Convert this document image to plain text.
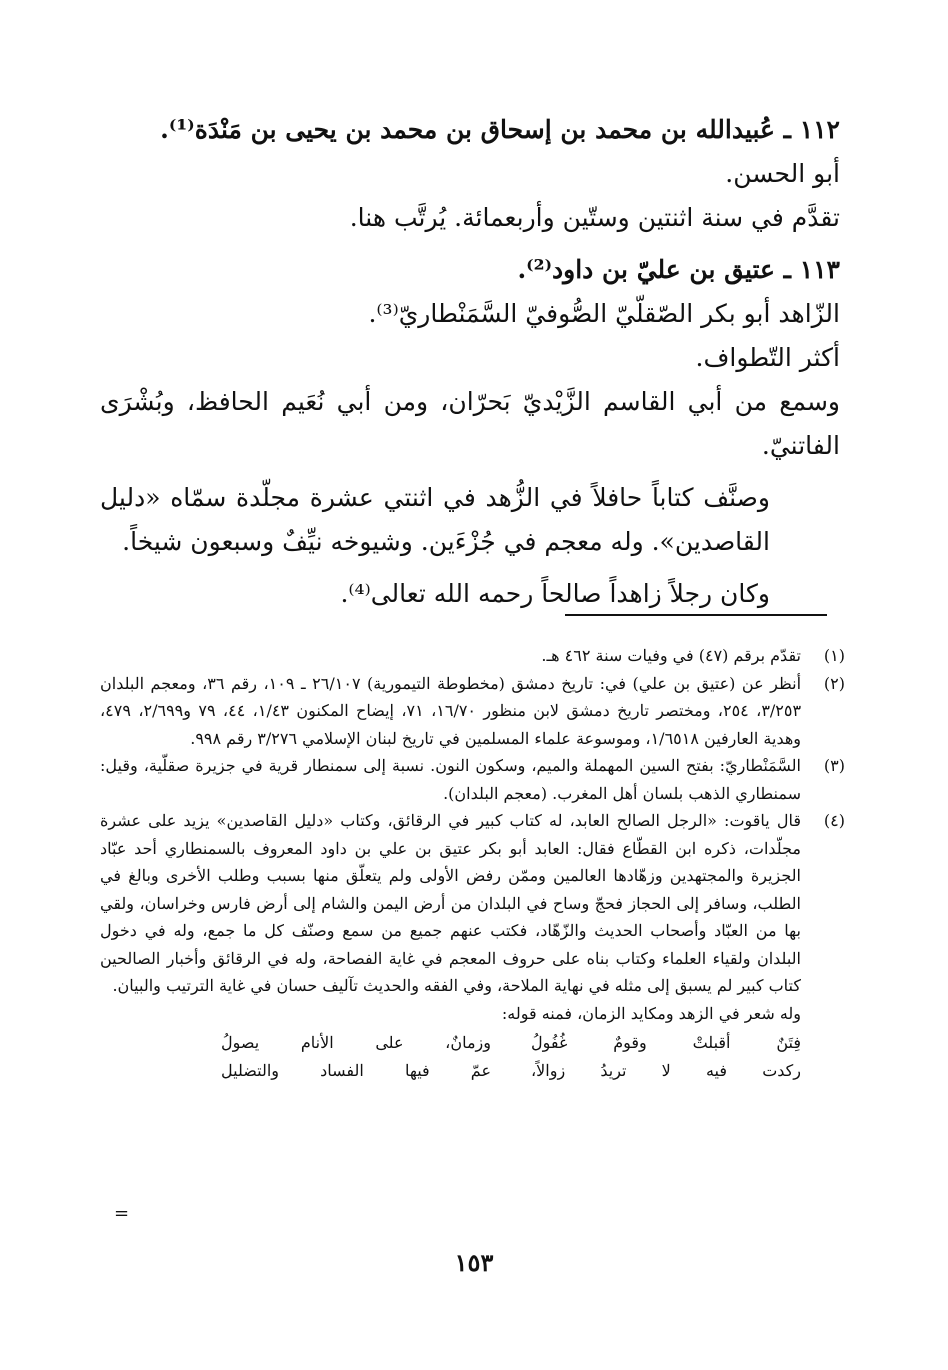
١١٢ ـ عُبيدالله بن محمد بن إسحاق بن محمد بن يحيى بن مَنْدَة⁽¹⁾.

أبو الحسن.

تقدَّم في سنة اثنتين وستّين وأربعمائة. يُرتَّب هنا.

١١٣ ـ عتيق بن عليّ بن داود⁽²⁾.

الزّاهد أبو بكر الصّقلّيّ الصُّوفيّ السَّمَنْطاريّ⁽³⁾.

أكثر التّطواف.

وسمع من أبي القاسم الزَّيْديّ بَحرّان، ومن أبي نُعَيم الحافظ، وبُشْرَى الفاتنيّ.

وصنَّف كتاباً حافلاً في الزُّهد في اثنتي عشرة مجلّدة سمّاه «دليل القاصدين». وله معجم في جُزْءَين. وشيوخه نيِّفٌ وسبعون شيخاً.

وكان رجلاً زاهداً صالحاً رحمه الله تعالى⁽⁴⁾.

(١)

تقدّم برقم (٤٧) في وفيات سنة ٤٦٢ هـ.

(٢)

أنظر عن (عتيق بن علي) في: تاريخ دمشق (مخطوطة التيمورية) ٢٦/١٠٧ ـ ١٠٩، رقم ٣٦، ومعجم البلدان ٣/٢٥٣، ٢٥٤، ومختصر تاريخ دمشق لابن منظور ١٦/٧٠، ٧١، إيضاح المكنون ١/٤٣، ٤٤، ٧٩ و٢/٦٩٩، ٤٧٩، وهدية العارفين ١/٦٥١٨، وموسوعة علماء المسلمين في تاريخ لبنان الإسلامي ٣/٢٧٦ رقم ٩٩٨.

(٣)

السَّمَنْطاريّ: بفتح السين المهملة والميم، وسكون النون. نسبة إلى سمنطار قرية في جزيرة صقلّية، وقيل: سمنطاري الذهب بلسان أهل المغرب. (معجم البلدان).

(٤)

قال ياقوت: «الرجل الصالح العابد، له كتاب كبير في الرقائق، وكتاب «دليل القاصدين» يزيد على عشرة مجلّدات، ذكره ابن القطّاع فقال: العابد أبو بكر عتيق بن علي بن داود المعروف بالسمنطاري أحد عبّاد الجزيرة والمجتهدين وزهّادها العالمين وممّن رفض الأولى ولم يتعلّق منها بسبب وطلب الأخرى وبالغ في الطلب، وسافر إلى الحجاز فحجّ وساح في البلدان من أرض اليمن والشام إلى أرض فارس وخراسان، ولقي بها من العبّاد وأصحاب الحديث والزّهّاد، فكتب عنهم جميع من سمع وصنّف كل ما جمع، وله في دخول البلدان ولقياء العلماء وكتاب بناه على حروف المعجم في غاية الفصاحة، وله في الرقائق وأخبار الصالحين كتاب كبير لم يسبق إلى مثله في نهاية الملاحة، وفي الفقه والحديث تآليف حسان في غاية الترتيب والبيان.

وله شعر في الزهد ومكايد الزمان، فمنه قوله:

فِتَنٌ أقبلتْ وقومٌ غُفُولُ
وزمانٌ، على الأنام يصولُ
ركدت فيه لا تريدُ زوالاً،
عمّ فيها الفساد والتضليل
=
١٥٣
